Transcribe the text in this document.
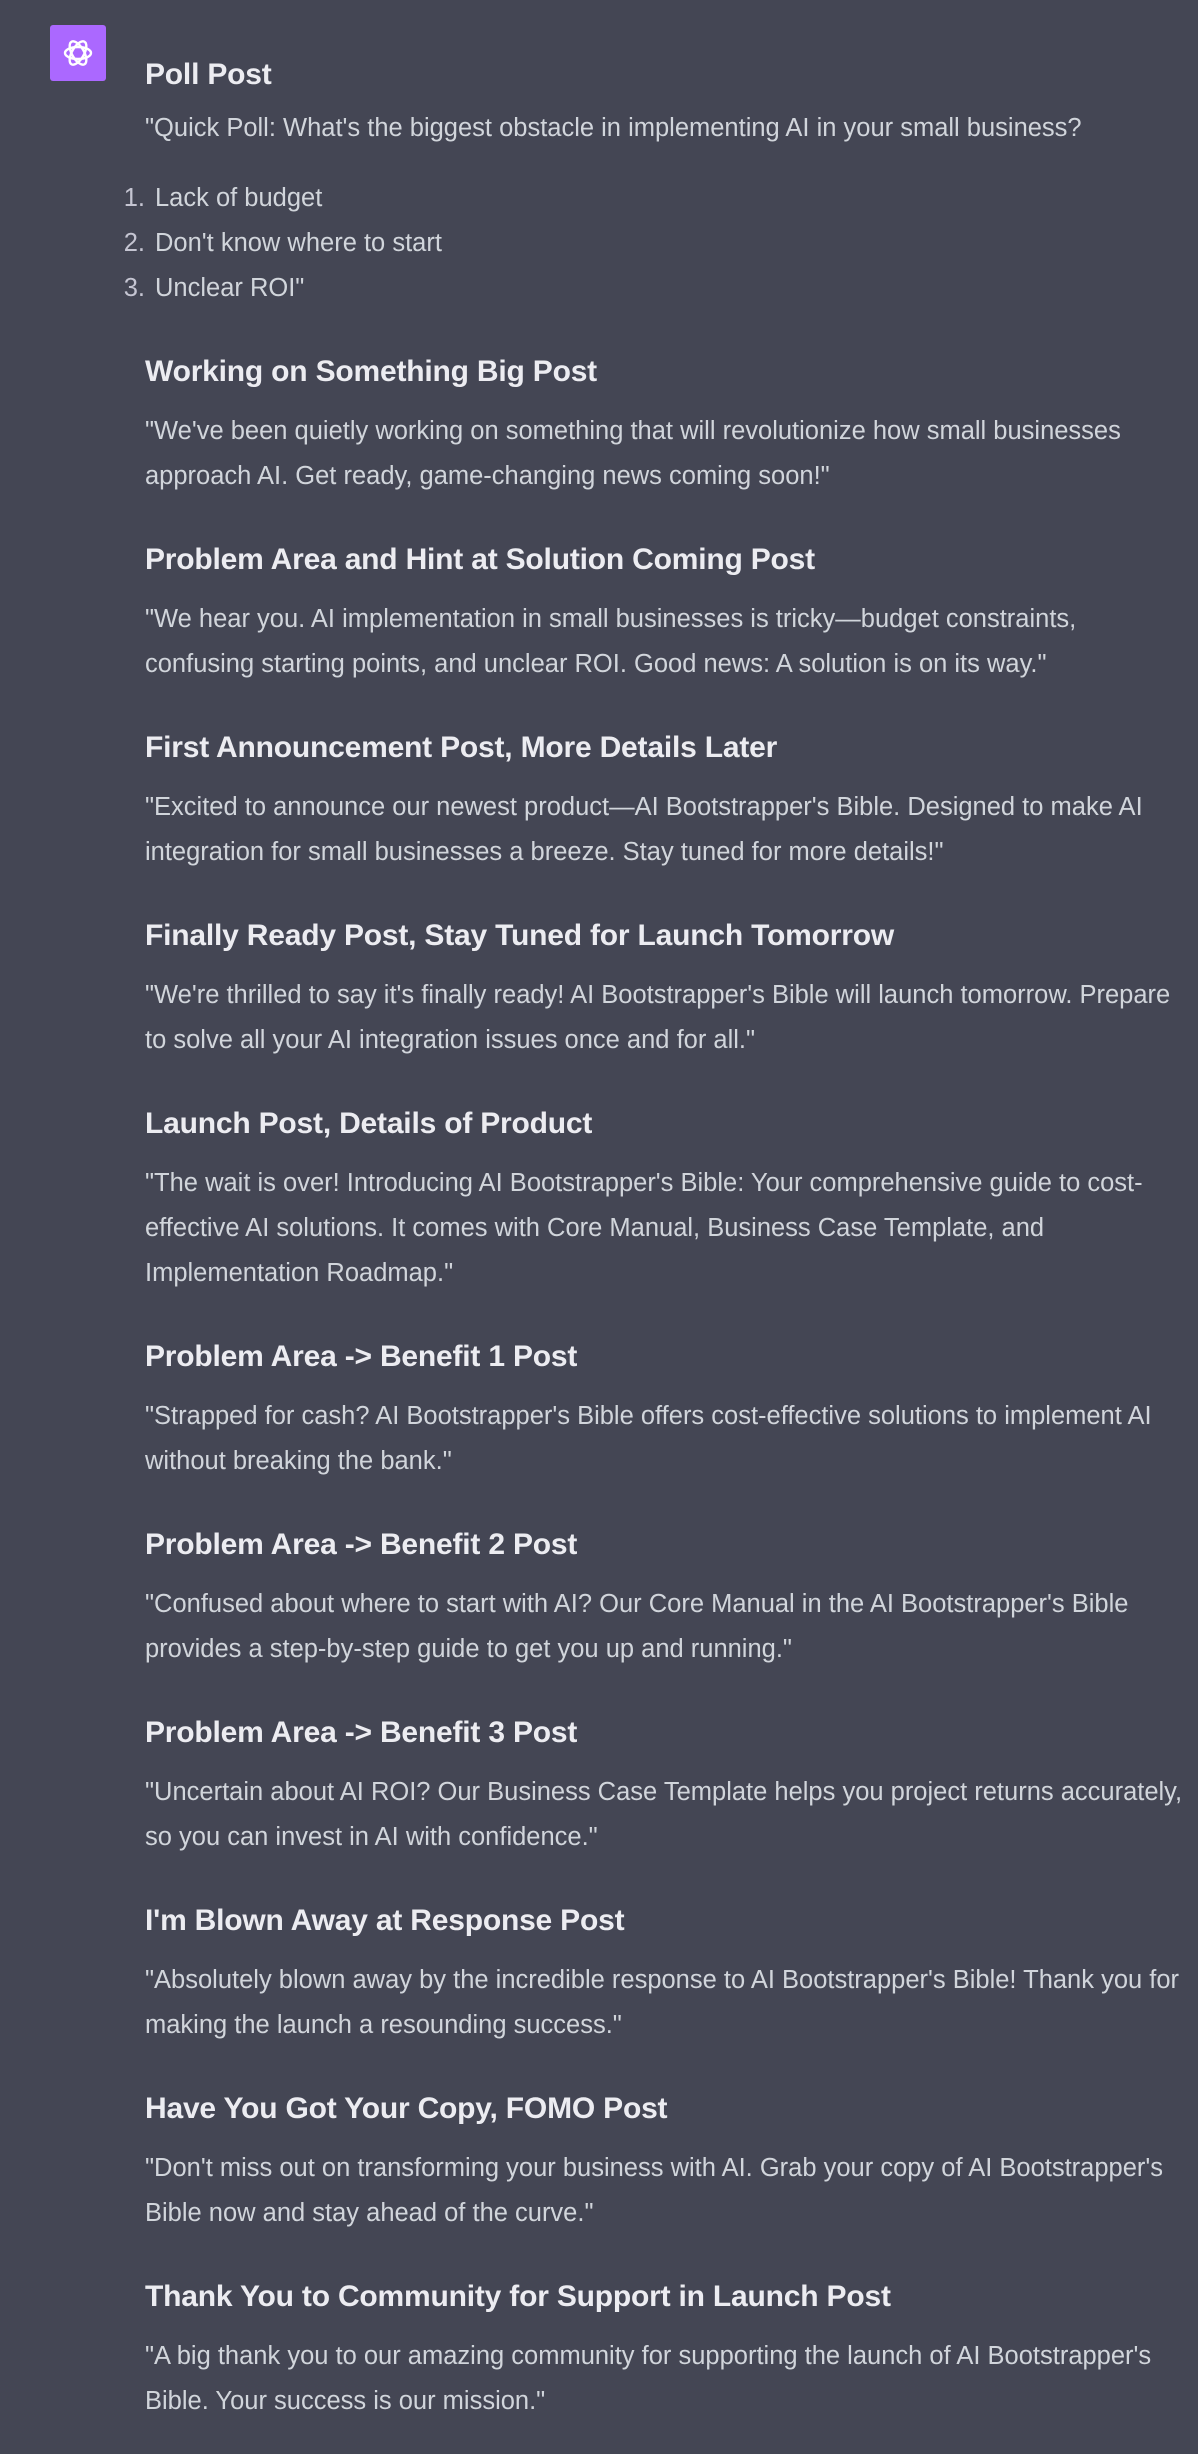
Poll Post

"Quick Poll: What's the biggest obstacle in implementing AI in your small business?

1. Lack of budget
2. Don't know where to start
3. Unclear ROI"
Working on Something Big Post

"We've been quietly working on something that will revolutionize how small businesses approach AI. Get ready, game-changing news coming soon!"

Problem Area and Hint at Solution Coming Post

"We hear you. AI implementation in small businesses is tricky—budget constraints, confusing starting points, and unclear ROI. Good news: A solution is on its way."

First Announcement Post, More Details Later

"Excited to announce our newest product—AI Bootstrapper's Bible. Designed to make AI integration for small businesses a breeze. Stay tuned for more details!"

Finally Ready Post, Stay Tuned for Launch Tomorrow

"We're thrilled to say it's finally ready! AI Bootstrapper's Bible will launch tomorrow. Prepare to solve all your AI integration issues once and for all."

Launch Post, Details of Product

"The wait is over! Introducing AI Bootstrapper's Bible: Your comprehensive guide to cost-effective AI solutions. It comes with Core Manual, Business Case Template, and Implementation Roadmap."

Problem Area -> Benefit 1 Post

"Strapped for cash? AI Bootstrapper's Bible offers cost-effective solutions to implement AI without breaking the bank."

Problem Area -> Benefit 2 Post

"Confused about where to start with AI? Our Core Manual in the AI Bootstrapper's Bible provides a step-by-step guide to get you up and running."

Problem Area -> Benefit 3 Post

"Uncertain about AI ROI? Our Business Case Template helps you project returns accurately, so you can invest in AI with confidence."

I'm Blown Away at Response Post

"Absolutely blown away by the incredible response to AI Bootstrapper's Bible! Thank you for making the launch a resounding success."

Have You Got Your Copy, FOMO Post

"Don't miss out on transforming your business with AI. Grab your copy of AI Bootstrapper's Bible now and stay ahead of the curve."

Thank You to Community for Support in Launch Post

"A big thank you to our amazing community for supporting the launch of AI Bootstrapper's Bible. Your success is our mission."
